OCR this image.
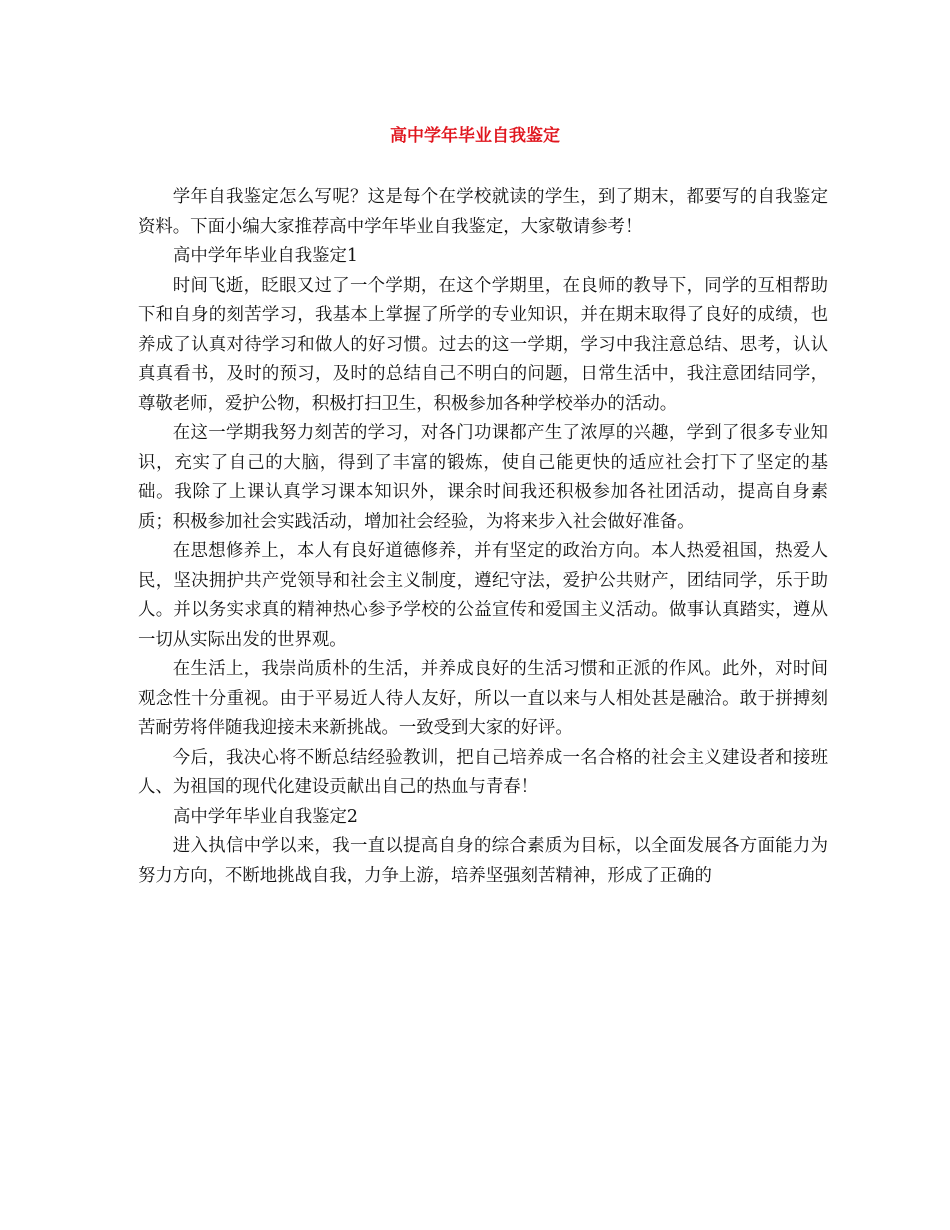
高中学年毕业自我鉴定

学年自我鉴定怎么写呢？这是每个在学校就读的学生，到了期末，都要写的自我鉴定资料。下面小编大家推荐高中学年毕业自我鉴定，大家敬请参考！

高中学年毕业自我鉴定1

时间飞逝，眨眼又过了一个学期，在这个学期里，在良师的教导下，同学的互相帮助下和自身的刻苦学习，我基本上掌握了所学的专业知识，并在期末取得了良好的成绩，也养成了认真对待学习和做人的好习惯。过去的这一学期，学习中我注意总结、思考，认认真真看书，及时的预习，及时的总结自己不明白的问题，日常生活中，我注意团结同学，尊敬老师，爱护公物，积极打扫卫生，积极参加各种学校举办的活动。

在这一学期我努力刻苦的学习，对各门功课都产生了浓厚的兴趣，学到了很多专业知识，充实了自己的大脑，得到了丰富的锻炼，使自己能更快的适应社会打下了坚定的基础。我除了上课认真学习课本知识外，课余时间我还积极参加各社团活动，提高自身素质；积极参加社会实践活动，增加社会经验，为将来步入社会做好准备。

在思想修养上，本人有良好道德修养，并有坚定的政治方向。本人热爱祖国，热爱人民，坚决拥护共产党领导和社会主义制度，遵纪守法，爱护公共财产，团结同学，乐于助人。并以务实求真的精神热心参予学校的公益宣传和爱国主义活动。做事认真踏实，遵从一切从实际出发的世界观。

在生活上，我崇尚质朴的生活，并养成良好的生活习惯和正派的作风。此外，对时间观念性十分重视。由于平易近人待人友好，所以一直以来与人相处甚是融洽。敢于拼搏刻苦耐劳将伴随我迎接未来新挑战。一致受到大家的好评。

今后，我决心将不断总结经验教训，把自己培养成一名合格的社会主义建设者和接班人、为祖国的现代化建设贡献出自己的热血与青春！

高中学年毕业自我鉴定2

进入执信中学以来，我一直以提高自身的综合素质为目标，以全面发展各方面能力为努力方向，不断地挑战自我，力争上游，培养坚强刻苦精神，形成了正确的
